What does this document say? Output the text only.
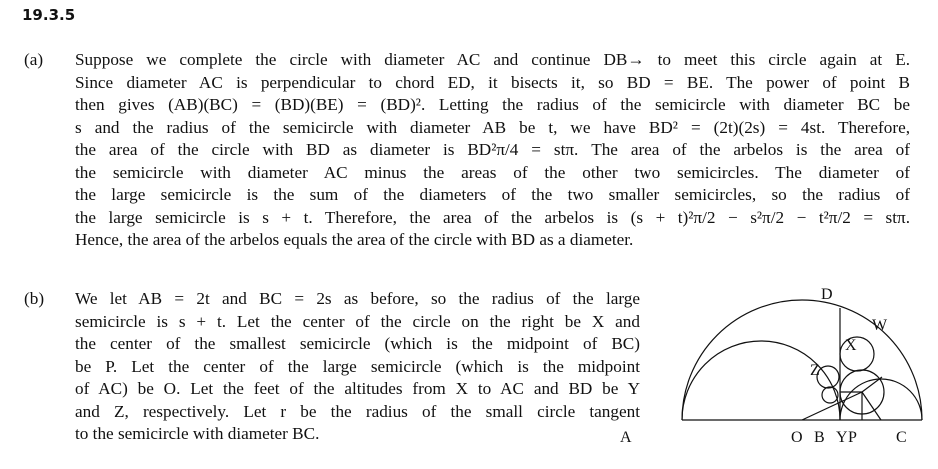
19.3.5
(a) Suppose we complete the circle with diameter AC and continue DB→ to meet this circle again at E.
Since diameter AC is perpendicular to chord ED, it bisects it, so BD = BE. The power of point B
then gives (AB)(BC) = (BD)(BE) = (BD)². Letting the radius of the semicircle with diameter BC be
s and the radius of the semicircle with diameter AB be t, we have BD² = (2t)(2s) = 4st. Therefore,
the area of the circle with BD as diameter is BD²π/4 = stπ. The area of the arbelos is the area of
the semicircle with diameter AC minus the areas of the other two semicircles. The diameter of
the large semicircle is the sum of the diameters of the two smaller semicircles, so the radius of
the large semicircle is s + t. Therefore, the area of the arbelos is (s + t)²π/2 − s²π/2 − t²π/2 = stπ.
Hence, the area of the arbelos equals the area of the circle with BD as a diameter.
(b) We let AB = 2t and BC = 2s as before, so the radius of the large
semicircle is s + t. Let the center of the circle on the right be X and
the center of the smallest semicircle (which is the midpoint of BC)
be P. Let the center of the large semicircle (which is the midpoint
of AC) be O. Let the feet of the altitudes from X to AC and BD be Y
and Z, respectively. Let r be the radius of the small circle tangent
to the semicircle with diameter BC.
D
W
X
Z
A	O B Y P C
